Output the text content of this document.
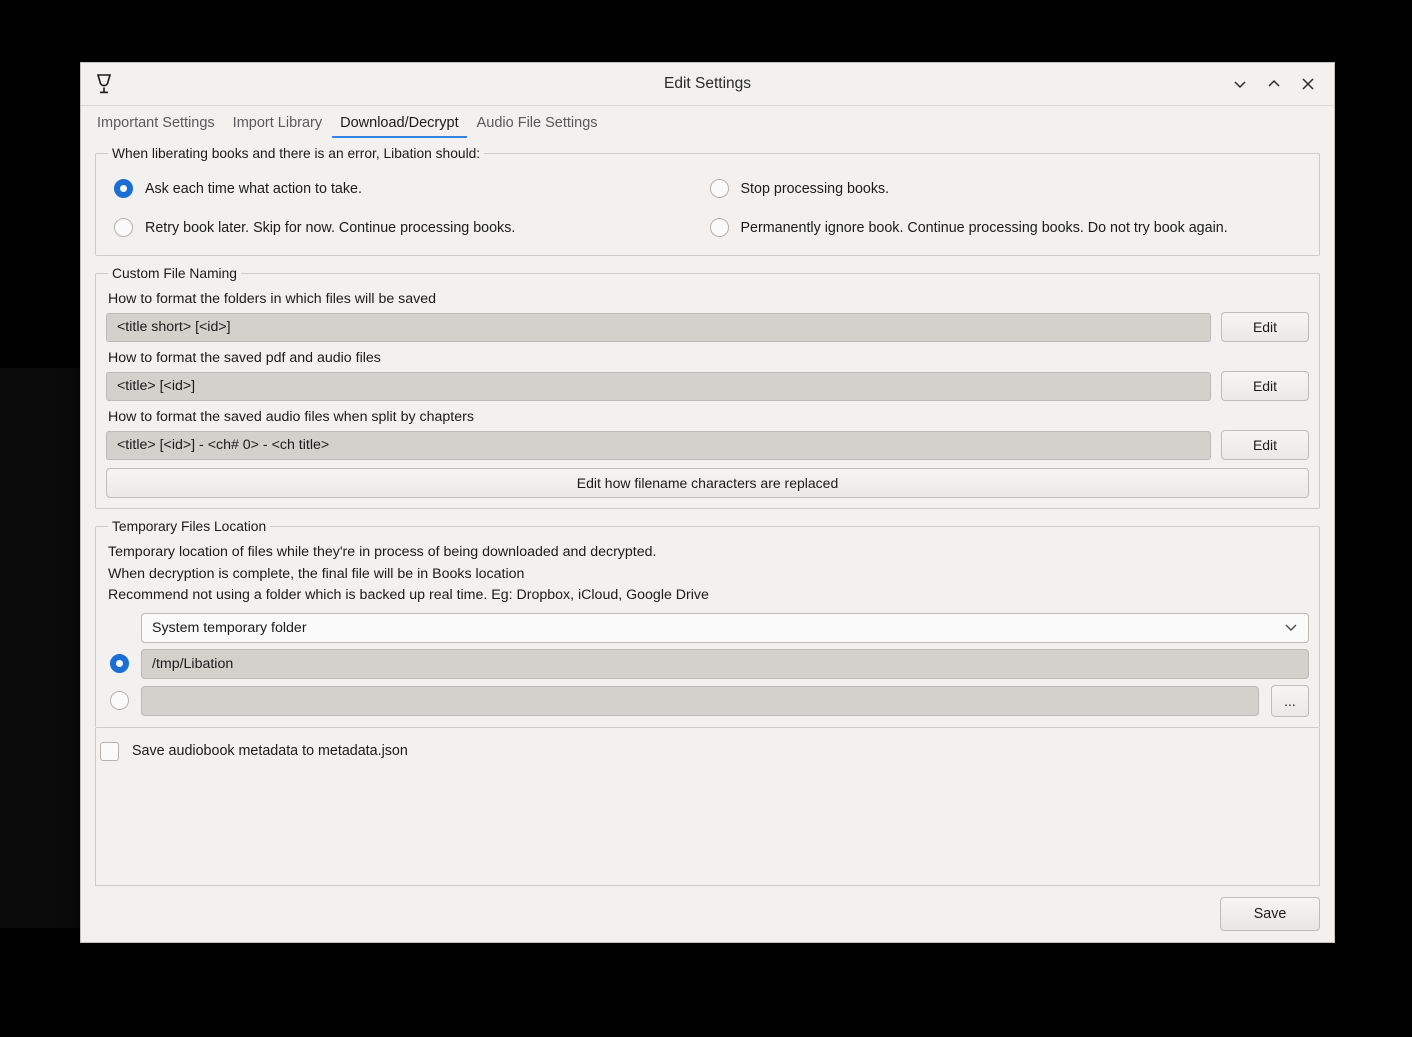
Edit Settings
Important Settings	Import Library	Download/Decrypt	Audio File Settings
When liberating books and there is an error, Libation should:
Ask each time what action to take.	Stop processing books.
Retry book later. Skip for now. Continue processing books.	Permanently ignore book. Continue processing books. Do not try book again.
Custom File Naming
How to format the folders in which files will be saved
<title short> [<id>]	Edit
How to format the saved pdf and audio files
<title> [<id>]	Edit
How to format the saved audio files when split by chapters
<title> [<id>] - <ch# 0> - <ch title>	Edit
Edit how filename characters are replaced
Temporary Files Location
Temporary location of files while they're in process of being downloaded and decrypted.
When decryption is complete, the final file will be in Books location
Recommend not using a folder which is backed up real time. Eg: Dropbox, iCloud, Google Drive
System temporary folder
/tmp/Libation
...
Save audiobook metadata to metadata.json
Save
